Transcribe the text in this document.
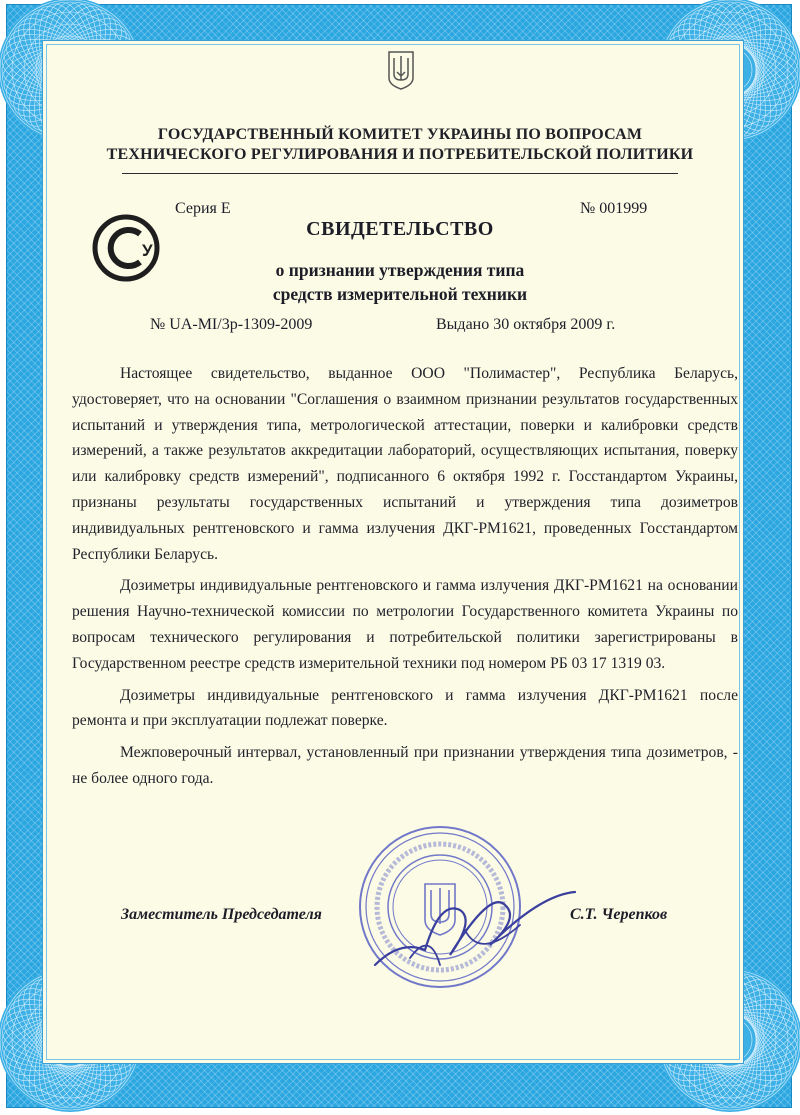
ГОСУДАРСТВЕННЫЙ КОМИТЕТ УКРАИНЫ ПО ВОПРОСАМ
ТЕХНИЧЕСКОГО РЕГУЛИРОВАНИЯ И ПОТРЕБИТЕЛЬСКОЙ ПОЛИТИКИ
У
Серия Е	№ 001999
СВИДЕТЕЛЬСТВО
о признании утверждения типа
средств измерительной техники
№ UA-MI/3р-1309-2009	Выдано 30 октября 2009 г.

Настоящее свидетельство, выданное ООО "Полимастер", Республика Беларусь, удостоверяет, что на основании "Соглашения о взаимном признании результатов государственных испытаний и утверждения типа, метрологической аттестации, поверки и калибровки средств измерений, а также результатов аккредитации лабораторий, осуществляющих испытания, поверку или калибровку средств измерений", подписанного 6 октября 1992 г. Госстандартом Украины, признаны результаты государственных испытаний и утверждения типа дозиметров индивидуальных рентгеновского и гамма излучения ДКГ-РМ1621, проведенных Госстандартом Республики Беларусь.

Дозиметры индивидуальные рентгеновского и гамма излучения ДКГ-РМ1621 на основании решения Научно-технической комиссии по метрологии Государственного комитета Украины по вопросам технического регулирования и потребительской политики зарегистрированы в Государственном реестре средств измерительной техники под номером РБ 03 17 1319 03.

Дозиметры индивидуальные рентгеновского и гамма излучения ДКГ-РМ1621 после ремонта и при эксплуатации подлежат поверке.

Межповерочный интервал, установленный при признании утверждения типа дозиметров, - не более одного года.

Заместитель Председателя	С.Т. Черепков
